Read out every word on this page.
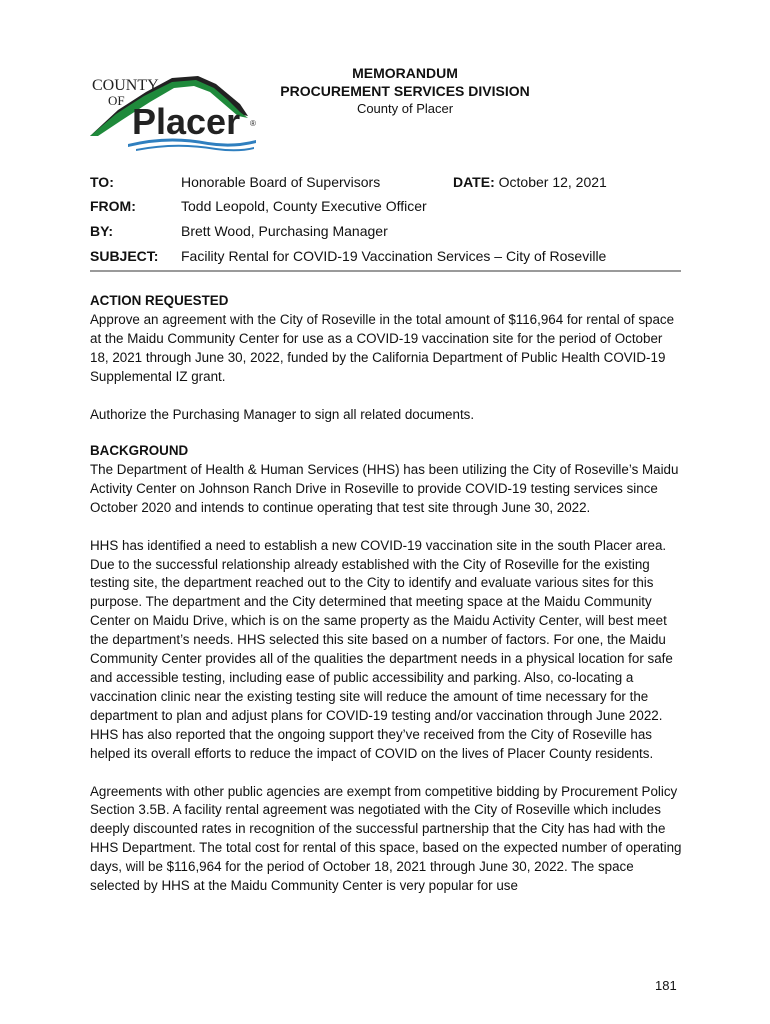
COUNTY
OF
Placer ®
MEMORANDUM
PROCUREMENT SERVICES DIVISION
County of Placer
TO:	Honorable Board of Supervisors	DATE: October 12, 2021
FROM:	Todd Leopold, County Executive Officer
BY:	Brett Wood, Purchasing Manager
SUBJECT: Facility Rental for COVID-19 Vaccination Services – City of Roseville
ACTION REQUESTED

Approve an agreement with the City of Roseville in the total amount of $116,964 for rental of space at the Maidu Community Center for use as a COVID-19 vaccination site for the period of October 18, 2021 through June 30, 2022, funded by the California Department of Public Health COVID-19 Supplemental IZ grant.

Authorize the Purchasing Manager to sign all related documents.

BACKGROUND

The Department of Health & Human Services (HHS) has been utilizing the City of Roseville’s Maidu Activity Center on Johnson Ranch Drive in Roseville to provide COVID-19 testing services since October 2020 and intends to continue operating that test site through June 30, 2022.

HHS has identified a need to establish a new COVID-19 vaccination site in the south Placer area. Due to the successful relationship already established with the City of Roseville for the existing testing site, the department reached out to the City to identify and evaluate various sites for this purpose. The department and the City determined that meeting space at the Maidu Community Center on Maidu Drive, which is on the same property as the Maidu Activity Center, will best meet the department’s needs. HHS selected this site based on a number of factors. For one, the Maidu Community Center provides all of the qualities the department needs in a physical location for safe and accessible testing, including ease of public accessibility and parking. Also, co-locating a vaccination clinic near the existing testing site will reduce the amount of time necessary for the department to plan and adjust plans for COVID-19 testing and/or vaccination through June 2022. HHS has also reported that the ongoing support they’ve received from the City of Roseville has helped its overall efforts to reduce the impact of COVID on the lives of Placer County residents.

Agreements with other public agencies are exempt from competitive bidding by Procurement Policy Section 3.5B. A facility rental agreement was negotiated with the City of Roseville which includes deeply discounted rates in recognition of the successful partnership that the City has had with the HHS Department. The total cost for rental of this space, based on the expected number of operating days, will be $116,964 for the period of October 18, 2021 through June 30, 2022. The space selected by HHS at the Maidu Community Center is very popular for use

181
